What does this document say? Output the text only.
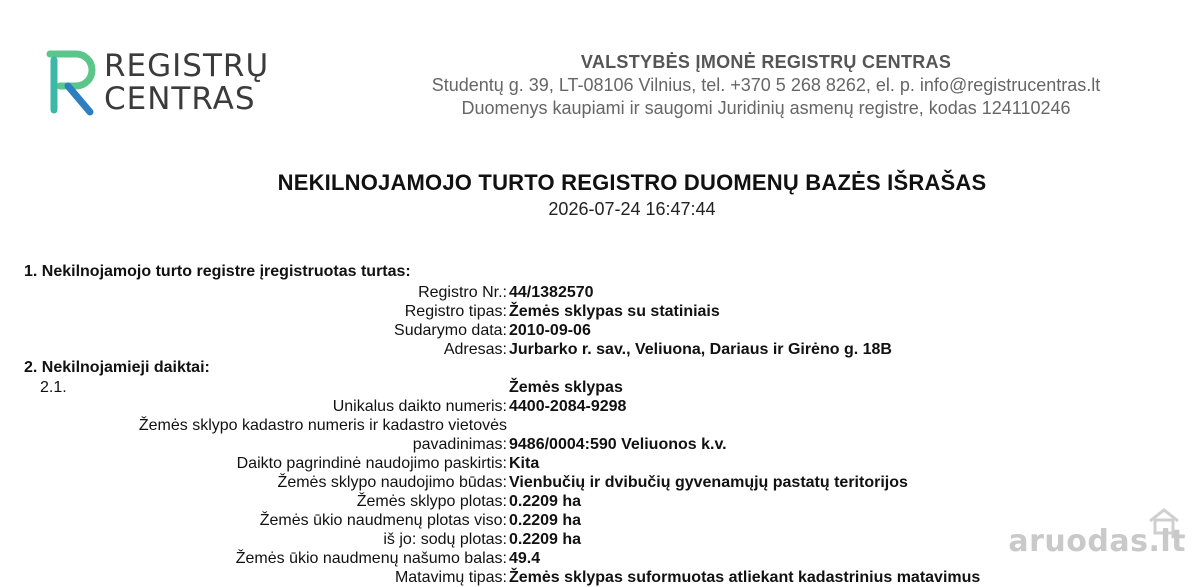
REGISTRŲ
CENTRAS
VALSTYBĖS ĮMONĖ REGISTRŲ CENTRAS
Studentų g. 39, LT-08106 Vilnius, tel. +370 5 268 8262, el. p. info@registrucentras.lt
Duomenys kaupiami ir saugomi Juridinių asmenų registre, kodas 124110246
NEKILNOJAMOJO TURTO REGISTRO DUOMENŲ BAZĖS IŠRAŠAS
2026-07-24 16:47:44
1. Nekilnojamojo turto registre įregistruotas turtas:
Registro Nr.: 44/1382570
Registro tipas: Žemės sklypas su statiniais
Sudarymo data: 2010-09-06
Adresas: Jurbarko r. sav., Veliuona, Dariaus ir Girėno g. 18B
2. Nekilnojamieji daiktai:
2.1.	Žemės sklypas
Unikalus daikto numeris: 4400-2084-9298
Žemės sklypo kadastro numeris ir kadastro vietovės
pavadinimas: 9486/0004:590 Veliuonos k.v.
Daikto pagrindinė naudojimo paskirtis: Kita
Žemės sklypo naudojimo būdas: Vienbučių ir dvibučių gyvenamųjų pastatų teritorijos
Žemės sklypo plotas: 0.2209 ha
Žemės ūkio naudmenų plotas viso: 0.2209 ha
iš jo: sodų plotas: 0.2209 ha
Žemės ūkio naudmenų našumo balas: 49.4
Matavimų tipas: Žemės sklypas suformuotas atliekant kadastrinius matavimus
aruodas.lt
